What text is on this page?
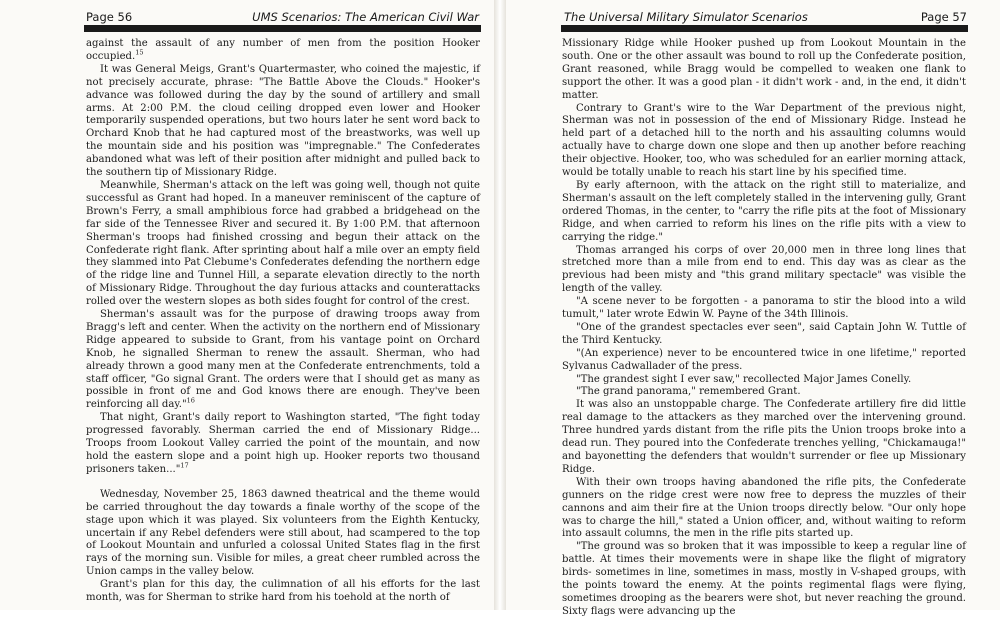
Page 56	UMS Scenarios: The American Civil War

against the assault of any number of men from the position Hooker occupied.$^{15}$

It was General Meigs, Grant's Quartermaster, who coined the majestic, if not precisely accurate, phrase: "The Battle Above the Clouds." Hooker's advance was followed during the day by the sound of artillery and small arms. At 2:00 P.M. the cloud ceiling dropped even lower and Hooker temporarily suspended operations, but two hours later he sent word back to Orchard Knob that he had captured most of the breastworks, was well up the mountain side and his position was "impregnable." The Confederates abandoned what was left of their position after midnight and pulled back to the southern tip of Missionary Ridge.

Meanwhile, Sherman's attack on the left was going well, though not quite successful as Grant had hoped. In a maneuver reminiscent of the capture of Brown's Ferry, a small amphibious force had grabbed a bridgehead on the far side of the Tennessee River and secured it. By 1:00 P.M. that afternoon Sherman's troops had finished crossing and begun their attack on the Confederate right flank. After sprinting about half a mile over an empty field they slammed into Pat Clebume's Confederates defending the northern edge of the ridge line and Tunnel Hill, a separate elevation directly to the north of Missionary Ridge. Throughout the day furious attacks and counterattacks rolled over the western slopes as both sides fought for control of the crest.

Sherman's assault was for the purpose of drawing troops away from Bragg's left and center. When the activity on the northern end of Missionary Ridge appeared to subside to Grant, from his vantage point on Orchard Knob, he signalled Sherman to renew the assault. Sherman, who had already thrown a good many men at the Confederate entrenchments, told a staff officer, "Go signal Grant. The orders were that I should get as many as possible in front of me and God knows there are enough. They've been reinforcing all day."$^{16}$

That night, Grant's daily report to Washington started, "The fight today progressed favorably. Sherman carried the end of Missionary Ridge... Troops froom Lookout Valley carried the point of the mountain, and now hold the eastern slope and a point high up. Hooker reports two thousand prisoners taken..."$^{17}$

Wednesday, November 25, 1863 dawned theatrical and the theme would be carried throughout the day towards a finale worthy of the scope of the stage upon which it was played. Six volunteers from the Eighth Kentucky, uncertain if any Rebel defenders were still about, had scampered to the top of Lookout Mountain and unfurled a colossal United States flag in the first rays of the morning sun. Visible for miles, a great cheer rumbled across the Union camps in the valley below.

Grant's plan for this day, the culimnation of all his efforts for the last month, was for Sherman to strike hard from his toehold at the north of

The Universal Military Simulator Scenarios	Page 57

Missionary Ridge while Hooker pushed up from Lookout Mountain in the south. One or the other assault was bound to roll up the Confederate position, Grant reasoned, while Bragg would be compelled to weaken one flank to support the other. It was a good plan - it didn't work - and, in the end, it didn't matter.

Contrary to Grant's wire to the War Department of the previous night, Sherman was not in possession of the end of Missionary Ridge. Instead he held part of a detached hill to the north and his assaulting columns would actually have to charge down one slope and then up another before reaching their objective. Hooker, too, who was scheduled for an earlier morning attack, would be totally unable to reach his start line by his specified time.

By early afternoon, with the attack on the right still to materialize, and Sherman's assault on the left completely stalled in the intervening gully, Grant ordered Thomas, in the center, to "carry the rifle pits at the foot of Missionary Ridge, and when carried to reform his lines on the rifle pits with a view to carrying the ridge."

Thomas arranged his corps of over 20,000 men in three long lines that stretched more than a mile from end to end. This day was as clear as the previous had been misty and "this grand military spectacle" was visible the length of the valley.

"A scene never to be forgotten - a panorama to stir the blood into a wild tumult," later wrote Edwin W. Payne of the 34th Illinois.

"One of the grandest spectacles ever seen", said Captain John W. Tuttle of the Third Kentucky.

"(An experience) never to be encountered twice in one lifetime," reported Sylvanus Cadwallader of the press.

"The grandest sight I ever saw," recollected Major James Conelly.

"The grand panorama," remembered Grant.

It was also an unstoppable charge. The Confederate artillery fire did little real damage to the attackers as they marched over the intervening ground. Three hundred yards distant from the rifle pits the Union troops broke into a dead run. They poured into the Confederate trenches yelling, "Chickamauga!" and bayonetting the defenders that wouldn't surrender or flee up Missionary Ridge.

With their own troops having abandoned the rifle pits, the Confederate gunners on the ridge crest were now free to depress the muzzles of their cannons and aim their fire at the Union troops directly below. "Our only hope was to charge the hill," stated a Union officer, and, without waiting to reform into assault columns, the men in the rifle pits started up.

"The ground was so broken that it was impossible to keep a regular line of battle. At times their movements were in shape like the flight of migratory birds- sometimes in line, sometimes in mass, mostly in V-shaped groups, with the points toward the enemy. At the points regimental flags were flying, sometimes drooping as the bearers were shot, but never reaching the ground. Sixty flags were advancing up the
